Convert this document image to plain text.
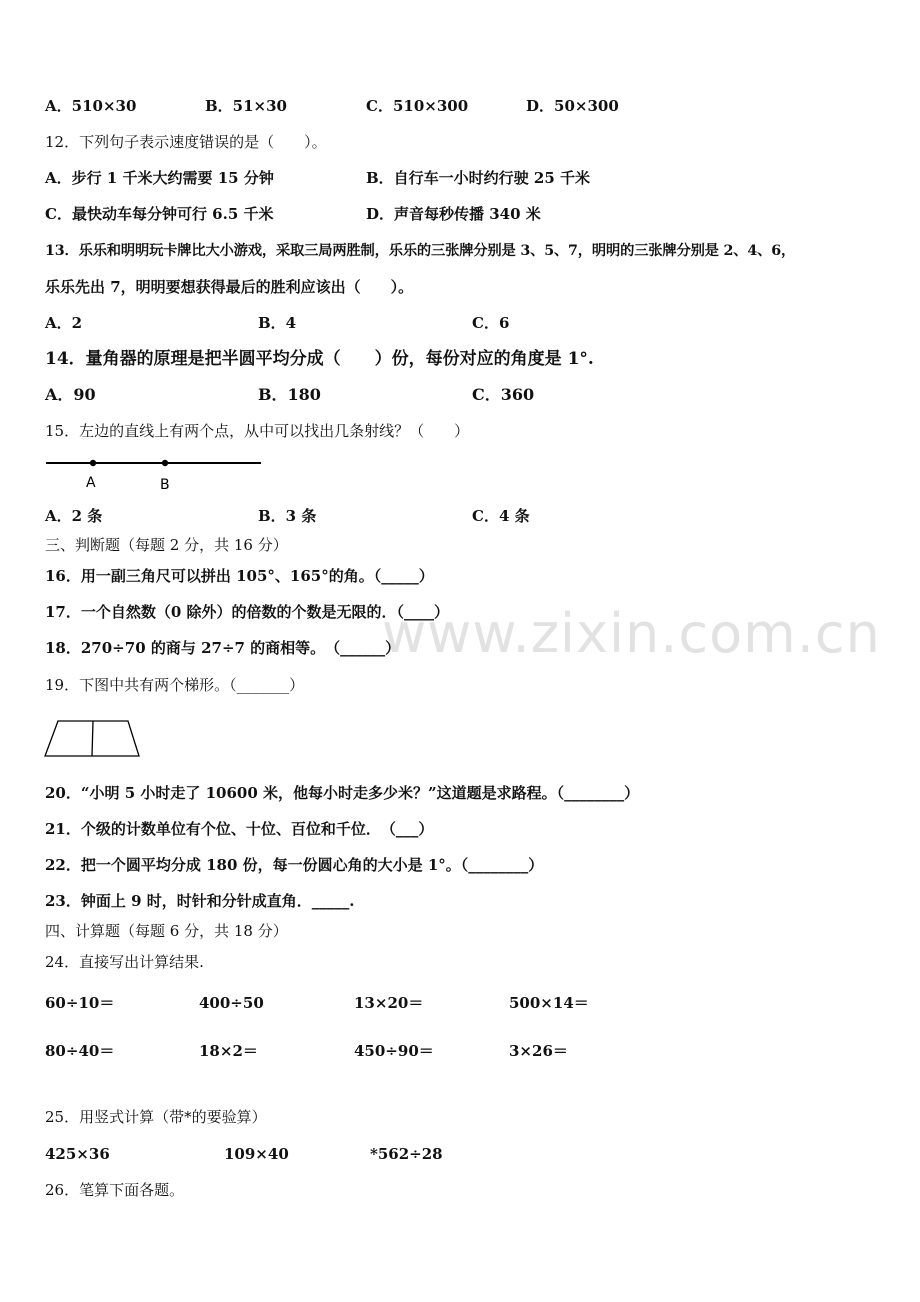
www.zixin.com.cn
A．510×30	B．51×30	C．510×300	D．50×300
12．下列句子表示速度错误的是（　　）。
A．步行 1 千米大约需要 15 分钟	B．自行车一小时约行驶 25 千米
C．最快动车每分钟可行 6.5 千米	D．声音每秒传播 340 米
13．乐乐和明明玩卡牌比大小游戏，采取三局两胜制，乐乐的三张牌分别是 3、5、7，明明的三张牌分别是 2、4、6，
乐乐先出 7，明明要想获得最后的胜利应该出（　　）。
A．2	B．4	C．6
14．量角器的原理是把半圆平均分成（　　）份，每份对应的角度是 1°.
A．90	B．180	C．360
15．左边的直线上有两个点，从中可以找出几条射线？（　　）
A	B
A．2 条	B．3 条	C．4 条
三、判断题（每题 2 分，共 16 分）
16．用一副三角尺可以拼出 105°、165°的角。（_____）
17．一个自然数（0 除外）的倍数的个数是无限的．（____）
18．270÷70 的商与 27÷7 的商相等。　（______）
19．下图中共有两个梯形。（_______）
20．“小明 5 小时走了 10600 米，他每小时走多少米？”这道题是求路程。（________）
21．个级的计数单位有个位、十位、百位和千位．　（___）
22．把一个圆平均分成 180 份，每一份圆心角的大小是 1°。（________）
23．钟面上 9 时，时针和分针成直角．_____.
四、计算题（每题 6 分，共 18 分）
24．直接写出计算结果.
60÷10＝	400÷50	13×20＝	500×14＝
80÷40＝	18×2＝	450÷90＝	3×26＝
25．用竖式计算（带*的要验算）
425×36	109×40	*562÷28
26．笔算下面各题。
